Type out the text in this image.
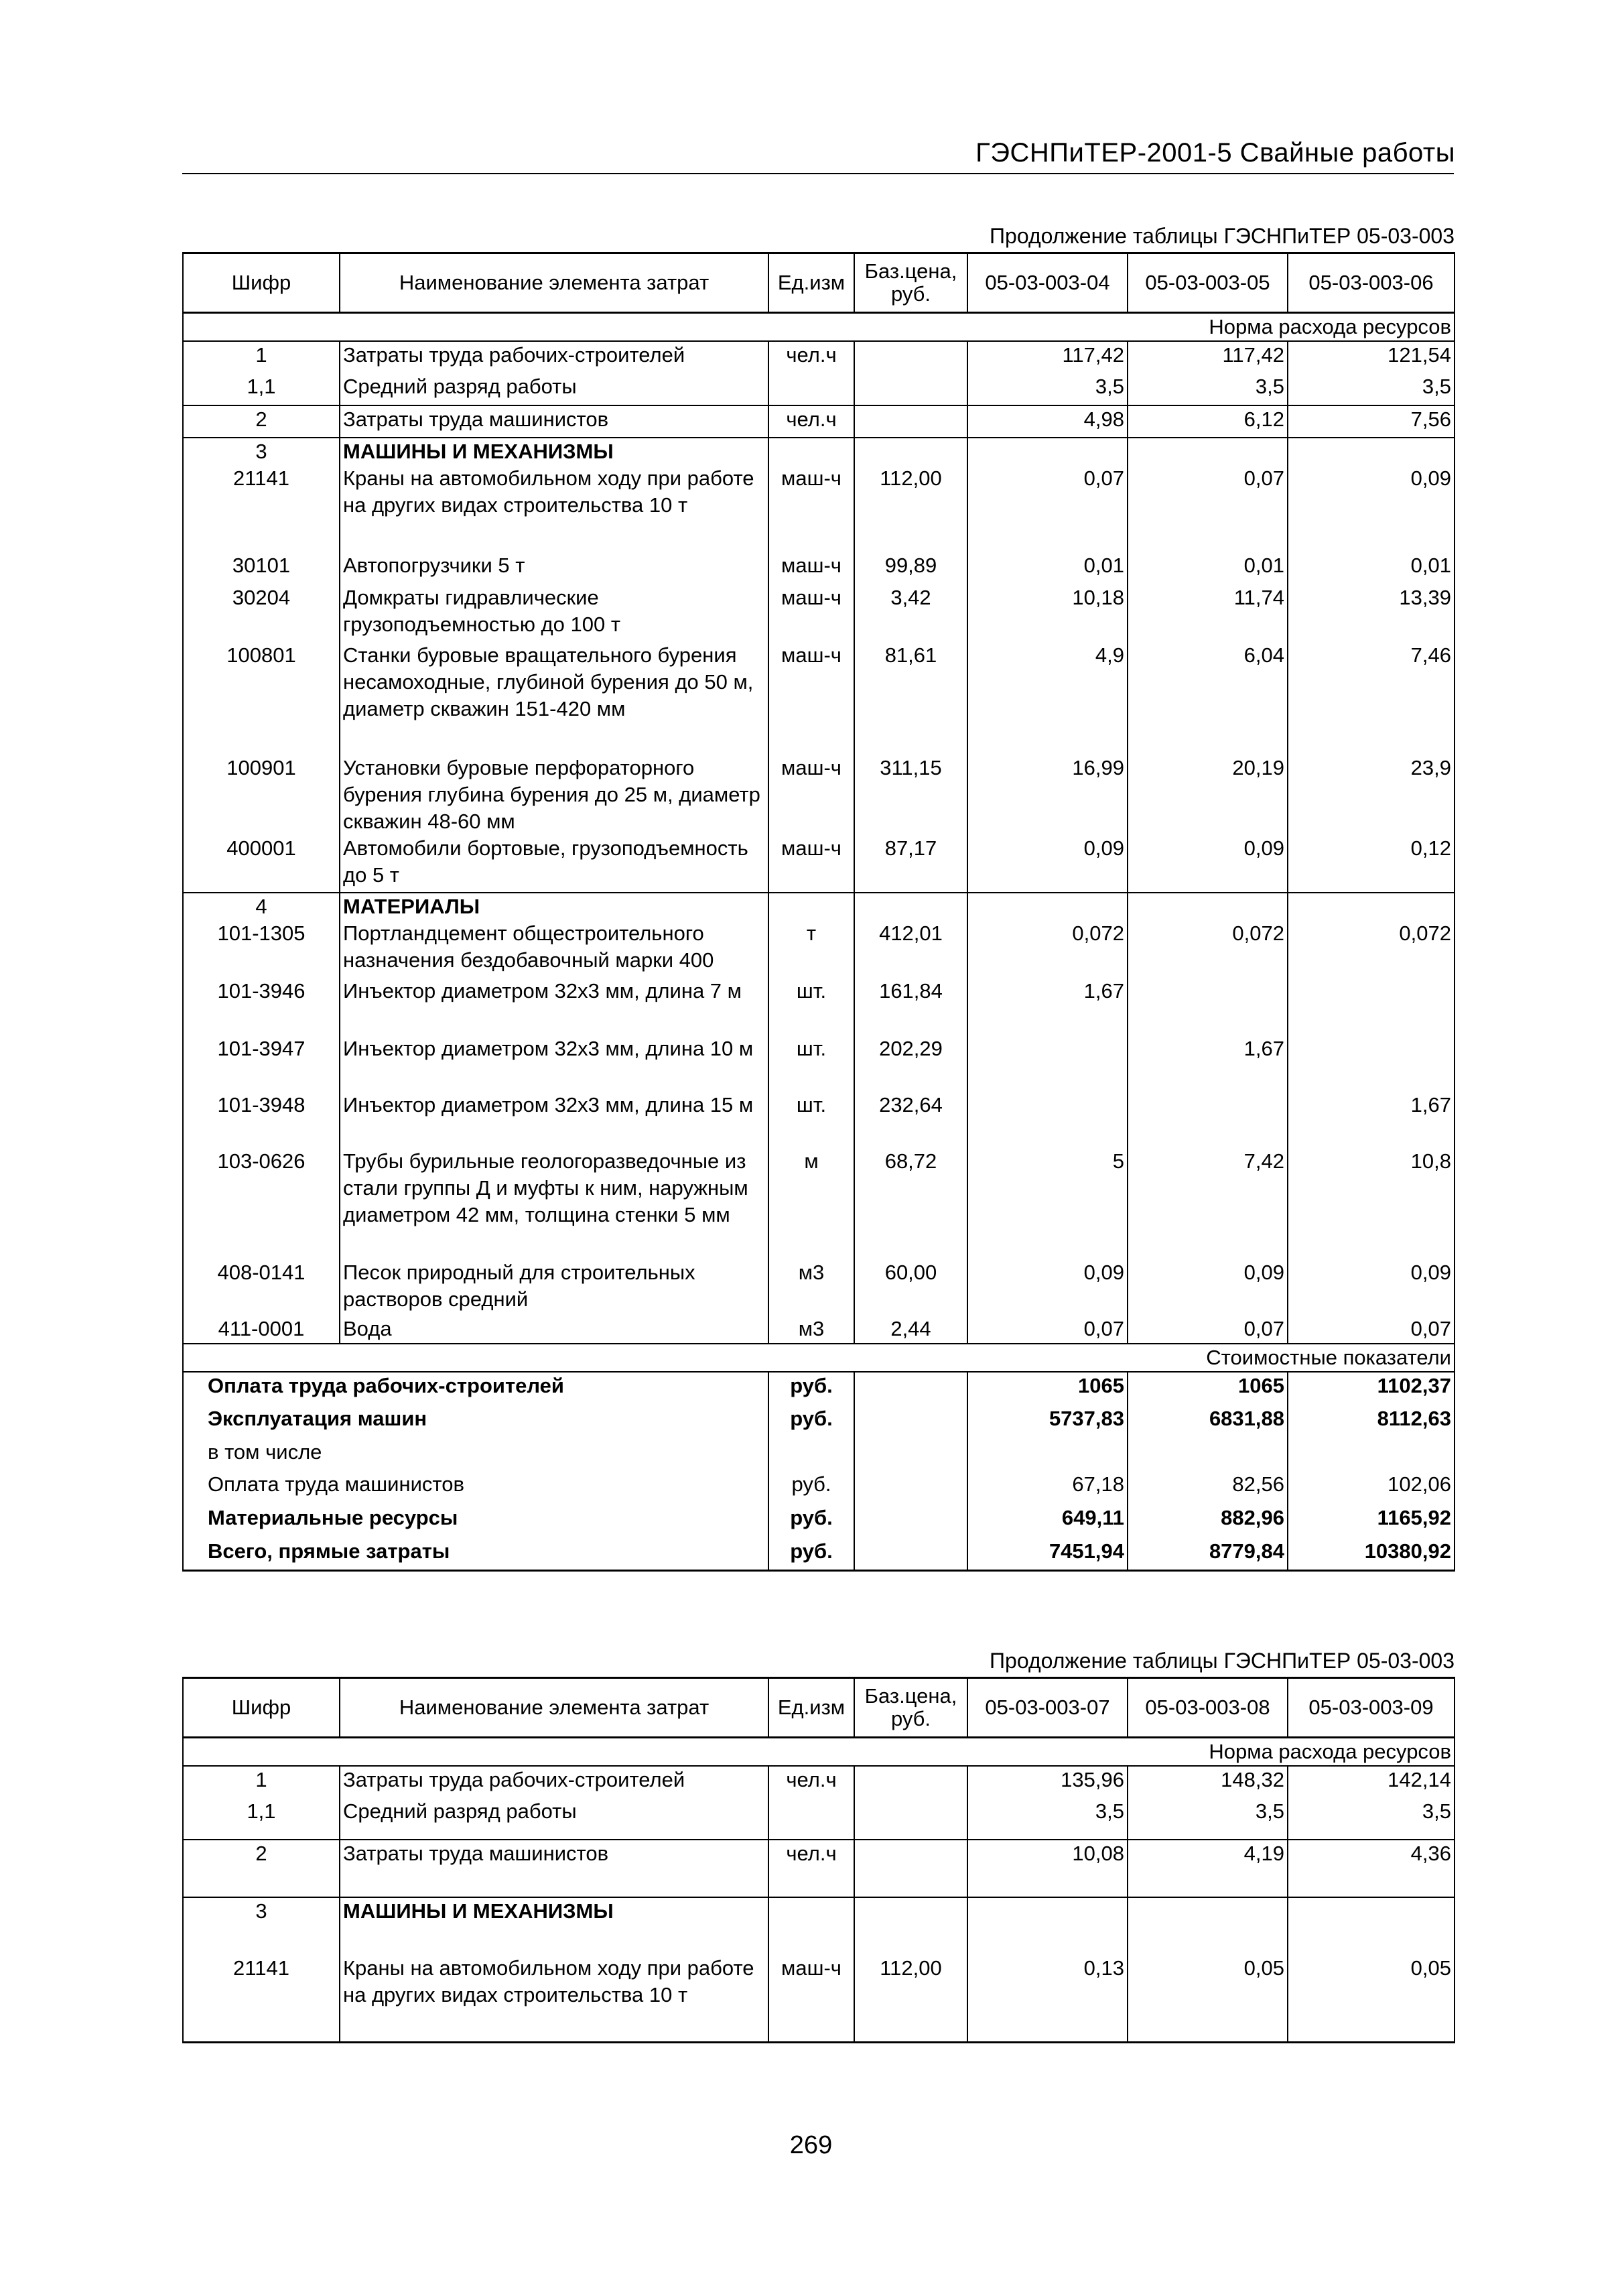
ГЭСНПиТЕР-2001-5 Свайные работы
Продолжение таблицы ГЭСНПиТЕР 05-03-003
Шифр	Наименование элемента затрат	Ед.изм	Баз.цена, руб.	05-03-003-04	05-03-003-05	05-03-003-06
Норма расхода ресурсов						
1	Затраты труда рабочих-строителей	чел.ч		117,42	117,42	121,54
1,1	Средний разряд работы			3,5	3,5	3,5
2	Затраты труда машинистов	чел.ч		4,98	6,12	7,56
3	МАШИНЫ И МЕХАНИЗМЫ					
21141	Краны на автомобильном ходу при работе на других видах строительства 10 т	маш-ч	112,00	0,07	0,07	0,09
30101	Автопогрузчики 5 т	маш-ч	99,89	0,01	0,01	0,01
30204	Домкраты гидравлические грузоподъемностью до 100 т	маш-ч	3,42	10,18	11,74	13,39
100801	Станки буровые вращательного бурения несамоходные, глубиной бурения до 50 м, диаметр скважин 151-420 мм	маш-ч	81,61	4,9	6,04	7,46
100901	Установки буровые перфораторного бурения глубина бурения до 25 м, диаметр скважин 48-60 мм	маш-ч	311,15	16,99	20,19	23,9
400001	Автомобили бортовые, грузоподъемность до 5 т	маш-ч	87,17	0,09	0,09	0,12
4	МАТЕРИАЛЫ					
101-1305	Портландцемент общестроительного назначения бездобавочный марки 400	т	412,01	0,072	0,072	0,072
101-3946	Инъектор диаметром 32х3 мм, длина 7 м	шт.	161,84	1,67		
101-3947	Инъектор диаметром 32х3 мм, длина 10 м	шт.	202,29		1,67	
101-3948	Инъектор диаметром 32х3 мм, длина 15 м	шт.	232,64			1,67
103-0626	Трубы бурильные геологоразведочные из стали группы Д и муфты к ним, наружным диаметром 42 мм, толщина стенки 5 мм	м	68,72	5	7,42	10,8
408-0141	Песок природный для строительных растворов средний	м3	60,00	0,09	0,09	0,09
411-0001	Вода	м3	2,44	0,07	0,07	0,07
Стоимостные показатели						
Оплата труда рабочих-строителей		руб.		1065	1065	1102,37
Эксплуатация машин		руб.		5737,83	6831,88	8112,63
в том числе						
Оплата труда машинистов		руб.		67,18	82,56	102,06
Материальные ресурсы		руб.		649,11	882,96	1165,92
Всего, прямые затраты		руб.		7451,94	8779,84	10380,92
Продолжение таблицы ГЭСНПиТЕР 05-03-003
Шифр	Наименование элемента затрат	Ед.изм	Баз.цена, руб.	05-03-003-07	05-03-003-08	05-03-003-09
Норма расхода ресурсов						
1	Затраты труда рабочих-строителей	чел.ч		135,96	148,32	142,14
1,1	Средний разряд работы			3,5	3,5	3,5
2	Затраты труда машинистов	чел.ч		10,08	4,19	4,36
3	МАШИНЫ И МЕХАНИЗМЫ					
21141	Краны на автомобильном ходу при работе на других видах строительства 10 т	маш-ч	112,00	0,13	0,05	0,05
269
